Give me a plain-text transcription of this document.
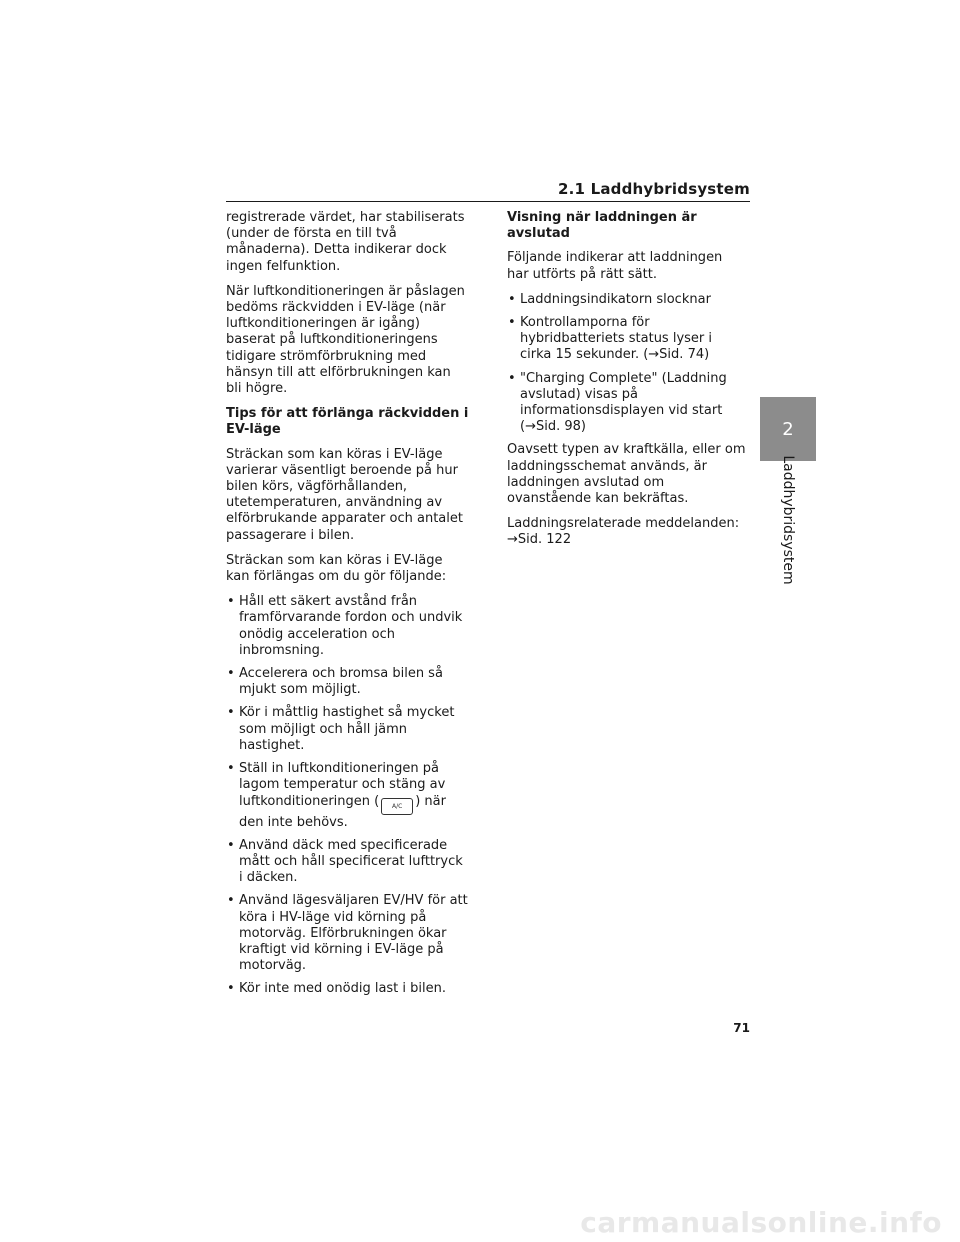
2.1 Laddhybridsystem

registrerade värdet, har stabiliserats (under de första en till två månaderna). Detta indikerar dock ingen felfunktion.

När luftkonditioneringen är påslagen bedöms räckvidden i EV-läge (när luftkonditioneringen är igång) baserat på luftkonditioneringens tidigare strömförbrukning med hänsyn till att elförbrukningen kan bli högre.

Tips för att förlänga räckvidden i EV-läge

Sträckan som kan köras i EV-läge varierar väsentligt beroende på hur bilen körs, vägförhållanden, utetemperaturen, användning av elförbrukande apparater och antalet passagerare i bilen.

Sträckan som kan köras i EV-läge kan förlängas om du gör följande:

• Håll ett säkert avstånd från framförvarande fordon och undvik onödig acceleration och inbromsning.
• Accelerera och bromsa bilen så mjukt som möjligt.
• Kör i måttlig hastighet så mycket som möjligt och håll jämn hastighet.
• Ställ in luftkonditioneringen på lagom temperatur och stäng av luftkonditioneringen ( A/C ) när den inte behövs.
• Använd däck med specificerade mått och håll specificerat lufttryck i däcken.
• Använd lägesväljaren EV/HV för att köra i HV-läge vid körning på motorväg. Elförbrukningen ökar kraftigt vid körning i EV-läge på motorväg.
• Kör inte med onödig last i bilen.
Visning när laddningen är avslutad

Följande indikerar att laddningen har utförts på rätt sätt.

• Laddningsindikatorn slocknar
• Kontrollamporna för hybridbatteriets status lyser i cirka 15 sekunder. (→Sid. 74)
• "Charging Complete" (Laddning avslutad) visas på informationsdisplayen vid start (→Sid. 98)

Oavsett typen av kraftkälla, eller om laddningsschemat används, är laddningen avslutad om ovanstående kan bekräftas.

Laddningsrelaterade meddelanden: →Sid. 122

2
Laddhybridsystem
71
carmanualsonline.info
